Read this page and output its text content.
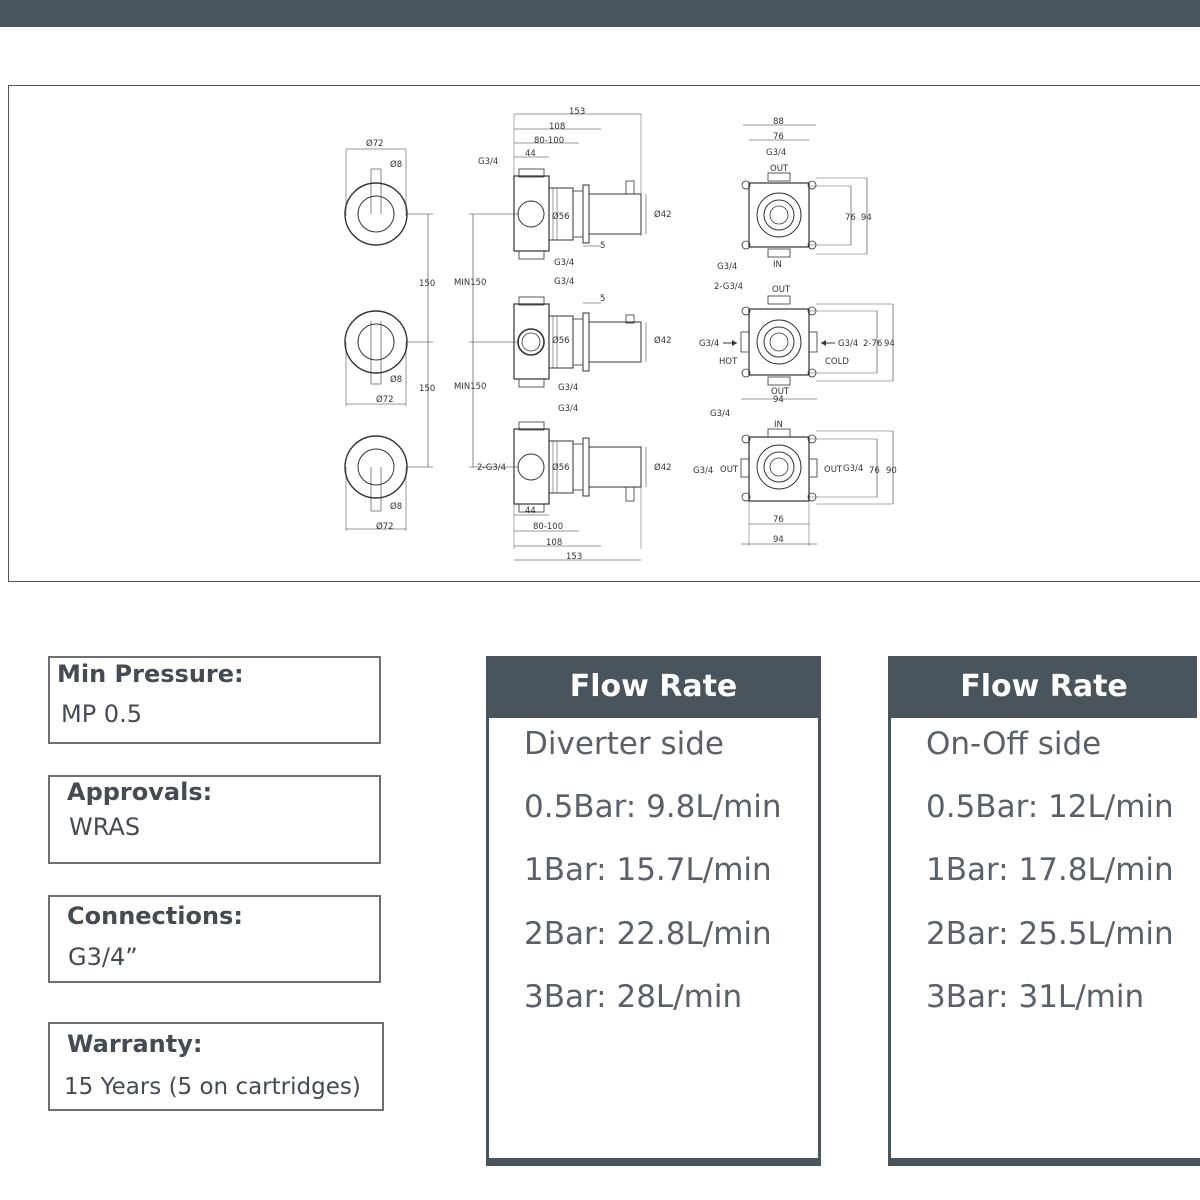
Ø72
Ø8
Ø8
Ø72
Ø8
Ø72
150
150
MIN150
MIN150
153
108
80-100
44
G3/4
Ø56	Ø42
5
G3/4
G3/4
5
Ø56	Ø42
G3/4
G3/4
Ø56	Ø42
2-G3/4
44
80-100
108
153
88
76
G3/4
OUT
IN
G3/4
76 94
2-G3/4	OUT
OUT
G3/4
HOT
G3/4
COLD
2-76 94
94
G3/4
IN
G3/4 OUT	OUT G3/4 76 90
76
94
Min Pressure:
MP 0.5
Approvals:
WRAS
Connections:
G3/4”
Warranty:
15 Years (5 on cartridges)
Flow Rate
Diverter side
0.5Bar: 9.8L/min
1Bar: 15.7L/min
2Bar: 22.8L/min
3Bar: 28L/min
Flow Rate
On-Off side
0.5Bar: 12L/min
1Bar: 17.8L/min
2Bar: 25.5L/min
3Bar: 31L/min
